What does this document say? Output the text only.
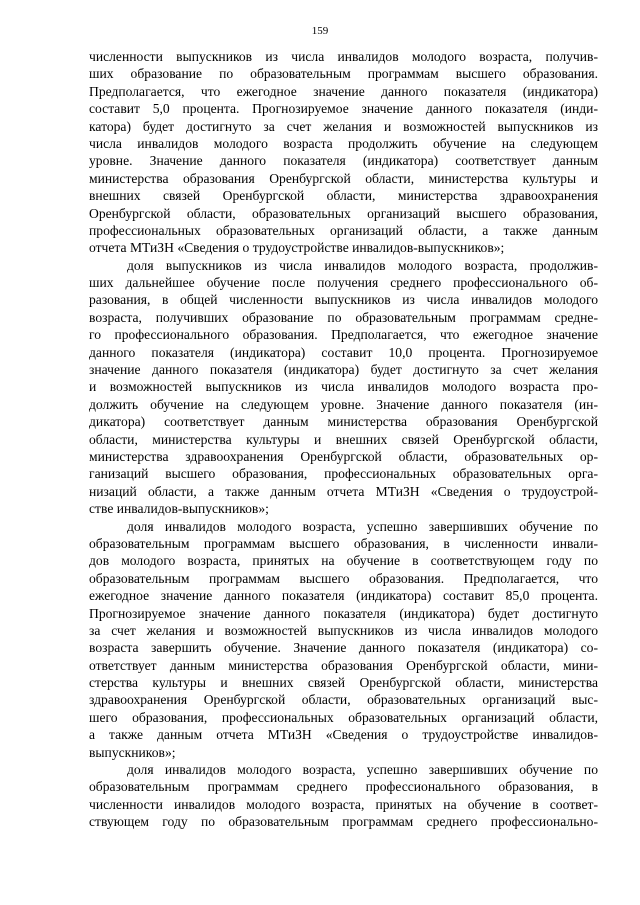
159
численности выпускников из числа инвалидов молодого возраста, получив-
ших образование по образовательным программам высшего образования.
Предполагается, что ежегодное значение данного показателя (индикатора)
составит 5,0 процента. Прогнозируемое значение данного показателя (инди-
катора) будет достигнуто за счет желания и возможностей выпускников из
числа инвалидов молодого возраста продолжить обучение на следующем
уровне. Значение данного показателя (индикатора) соответствует данным
министерства образования Оренбургской области, министерства культуры и
внешних связей Оренбургской области, министерства здравоохранения
Оренбургской области, образовательных организаций высшего образования,
профессиональных образовательных организаций области, а также данным
отчета МТиЗН «Сведения о трудоустройстве инвалидов-выпускников»;
доля выпускников из числа инвалидов молодого возраста, продолжив-
ших дальнейшее обучение после получения среднего профессионального об-
разования, в общей численности выпускников из числа инвалидов молодого
возраста, получивших образование по образовательным программам средне-
го профессионального образования. Предполагается, что ежегодное значение
данного показателя (индикатора) составит 10,0 процента. Прогнозируемое
значение данного показателя (индикатора) будет достигнуто за счет желания
и возможностей выпускников из числа инвалидов молодого возраста про-
должить обучение на следующем уровне. Значение данного показателя (ин-
дикатора) соответствует данным министерства образования Оренбургской
области, министерства культуры и внешних связей Оренбургской области,
министерства здравоохранения Оренбургской области, образовательных ор-
ганизаций высшего образования, профессиональных образовательных орга-
низаций области, а также данным отчета МТиЗН «Сведения о трудоустрой-
стве инвалидов-выпускников»;
доля инвалидов молодого возраста, успешно завершивших обучение по
образовательным программам высшего образования, в численности инвали-
дов молодого возраста, принятых на обучение в соответствующем году по
образовательным программам высшего образования. Предполагается, что
ежегодное значение данного показателя (индикатора) составит 85,0 процента.
Прогнозируемое значение данного показателя (индикатора) будет достигнуто
за счет желания и возможностей выпускников из числа инвалидов молодого
возраста завершить обучение. Значение данного показателя (индикатора) со-
ответствует данным министерства образования Оренбургской области, мини-
стерства культуры и внешних связей Оренбургской области, министерства
здравоохранения Оренбургской области, образовательных организаций выс-
шего образования, профессиональных образовательных организаций области,
а также данным отчета МТиЗН «Сведения о трудоустройстве инвалидов-
выпускников»;
доля инвалидов молодого возраста, успешно завершивших обучение по
образовательным программам среднего профессионального образования, в
численности инвалидов молодого возраста, принятых на обучение в соответ-
ствующем году по образовательным программам среднего профессионально-
